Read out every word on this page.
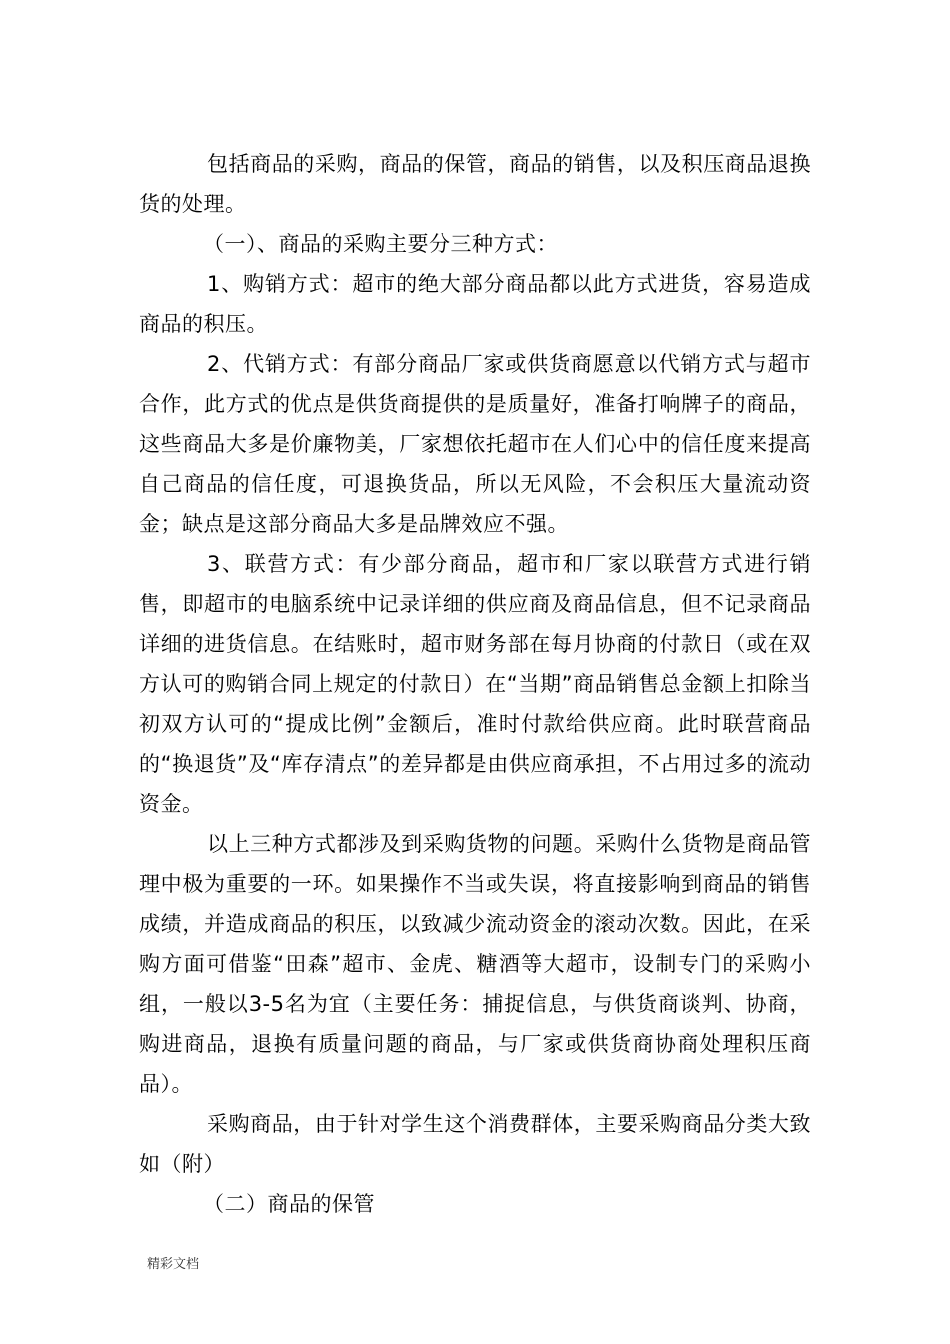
包括商品的采购，商品的保管，商品的销售，以及积压商品退换货的处理。

（一）、商品的采购主要分三种方式：

1、购销方式：超市的绝大部分商品都以此方式进货，容易造成商品的积压。

2、代销方式：有部分商品厂家或供货商愿意以代销方式与超市合作，此方式的优点是供货商提供的是质量好，准备打响牌子的商品，这些商品大多是价廉物美，厂家想依托超市在人们心中的信任度来提高自己商品的信任度，可退换货品，所以无风险，不会积压大量流动资金；缺点是这部分商品大多是品牌效应不强。

3、联营方式：有少部分商品，超市和厂家以联营方式进行销售，即超市的电脑系统中记录详细的供应商及商品信息，但不记录商品详细的进货信息。在结账时，超市财务部在每月协商的付款日（或在双方认可的购销合同上规定的付款日）在“当期”商品销售总金额上扣除当初双方认可的“提成比例”金额后，准时付款给供应商。此时联营商品的“换退货”及“库存清点”的差异都是由供应商承担，不占用过多的流动资金。

以上三种方式都涉及到采购货物的问题。采购什么货物是商品管理中极为重要的一环。如果操作不当或失误，将直接影响到商品的销售成绩，并造成商品的积压，以致减少流动资金的滚动次数。因此，在采购方面可借鉴“田森”超市、金虎、糖酒等大超市，设制专门的采购小组，一般以3-5名为宜（主要任务：捕捉信息，与供货商谈判、协商，购进商品，退换有质量问题的商品，与厂家或供货商协商处理积压商品）。

采购商品，由于针对学生这个消费群体，主要采购商品分类大致如（附）

（二）商品的保管

精彩文档
